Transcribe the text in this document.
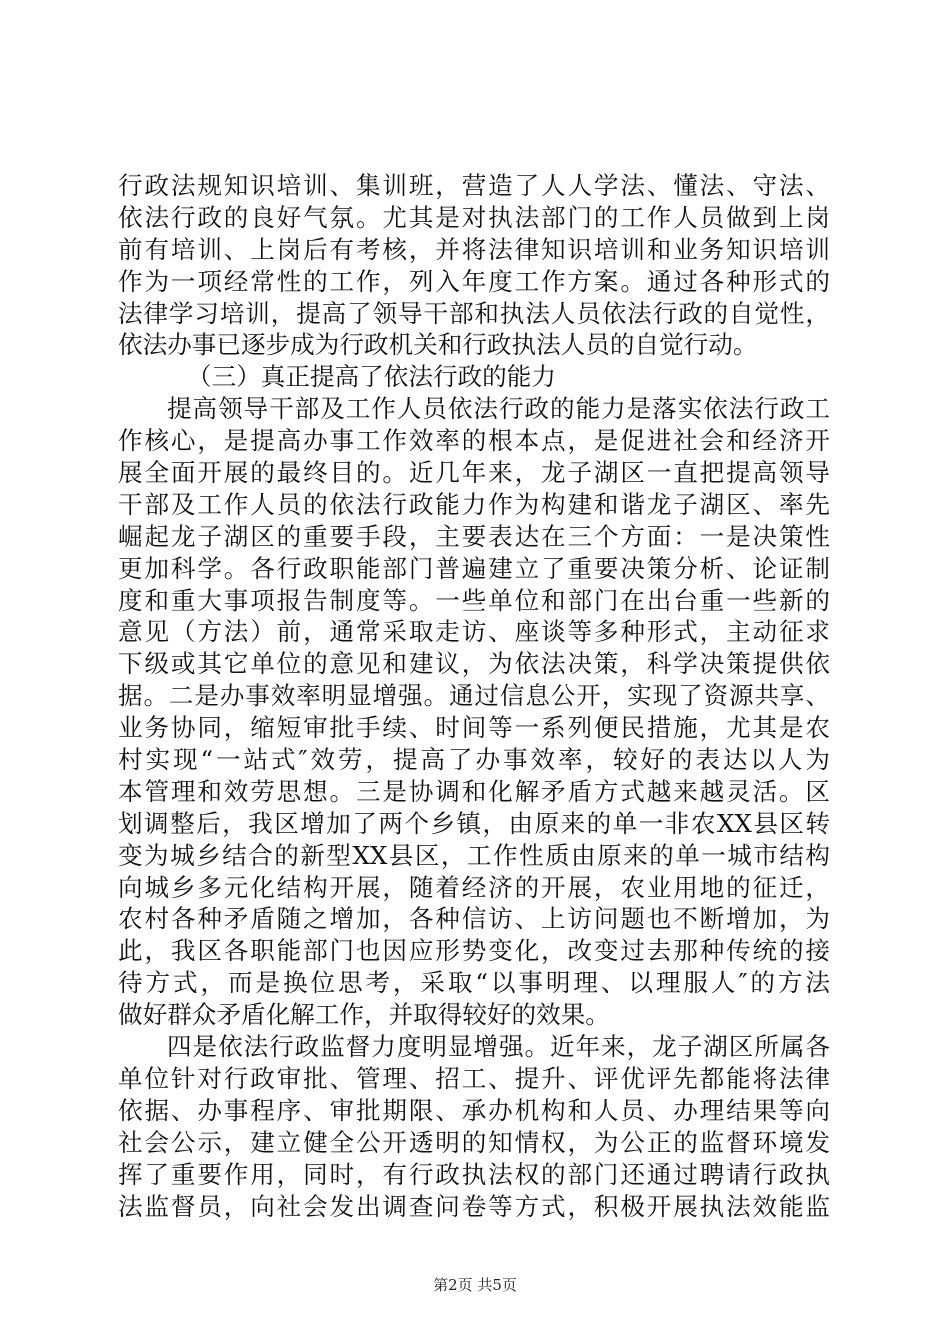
行政法规知识培训、集训班，营造了人人学法、懂法、守法、
依法行政的良好气氛。尤其是对执法部门的工作人员做到上岗
前有培训、上岗后有考核，并将法律知识培训和业务知识培训
作为一项经常性的工作，列入年度工作方案。通过各种形式的
法律学习培训，提高了领导干部和执法人员依法行政的自觉性，
依法办事已逐步成为行政机关和行政执法人员的自觉行动。
（三）真正提高了依法行政的能力
提高领导干部及工作人员依法行政的能力是落实依法行政工
作核心，是提高办事工作效率的根本点，是促进社会和经济开
展全面开展的最终目的。近几年来，龙子湖区一直把提高领导
干部及工作人员的依法行政能力作为构建和谐龙子湖区、率先
崛起龙子湖区的重要手段，主要表达在三个方面：一是决策性
更加科学。各行政职能部门普遍建立了重要决策分析、论证制
度和重大事项报告制度等。一些单位和部门在出台重一些新的
意见（方法）前，通常采取走访、座谈等多种形式，主动征求
下级或其它单位的意见和建议，为依法决策，科学决策提供依
据。二是办事效率明显增强。通过信息公开，实现了资源共享、
业务协同，缩短审批手续、时间等一系列便民措施，尤其是农
村实现“一站式″效劳，提高了办事效率，较好的表达以人为
本管理和效劳思想。三是协调和化解矛盾方式越来越灵活。区
划调整后，我区增加了两个乡镇，由原来的单一非农XX县区转
变为城乡结合的新型XX县区，工作性质由原来的单一城市结构
向城乡多元化结构开展，随着经济的开展，农业用地的征迁，
农村各种矛盾随之增加，各种信访、上访问题也不断增加，为
此，我区各职能部门也因应形势变化，改变过去那种传统的接
待方式，而是换位思考，采取“以事明理、以理服人″的方法
做好群众矛盾化解工作，并取得较好的效果。
四是依法行政监督力度明显增强。近年来，龙子湖区所属各
单位针对行政审批、管理、招工、提升、评优评先都能将法律
依据、办事程序、审批期限、承办机构和人员、办理结果等向
社会公示，建立健全公开透明的知情权，为公正的监督环境发
挥了重要作用，同时，有行政执法权的部门还通过聘请行政执
法监督员，向社会发出调查问卷等方式，积极开展执法效能监
第2页 共5页
